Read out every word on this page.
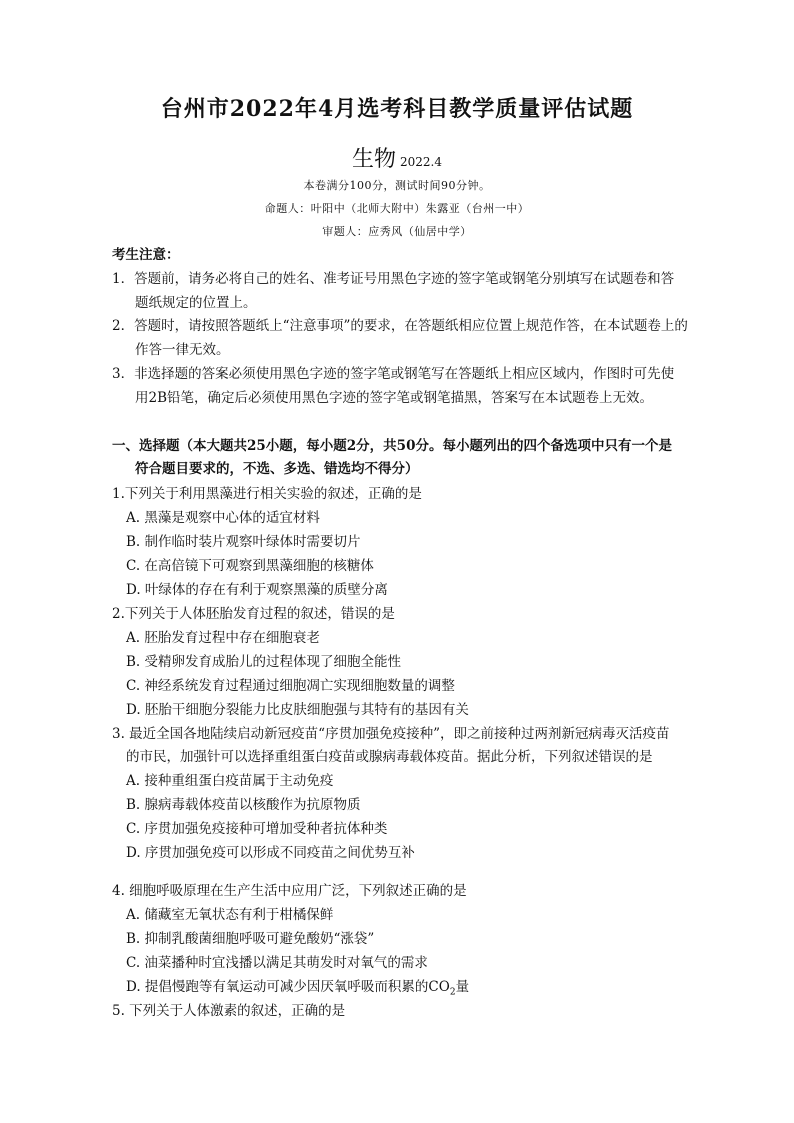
台州市2022年4月选考科目教学质量评估试题
生物 2022.4
本卷满分100分，测试时间90分钟。
命题人：叶阳中（北师大附中）朱露亚（台州一中）
审题人：应秀风（仙居中学）
考生注意：
1．答题前，请务必将自己的姓名、准考证号用黑色字迹的签字笔或钢笔分别填写在试题卷和答
题纸规定的位置上。
2．答题时，请按照答题纸上“注意事项”的要求，在答题纸相应位置上规范作答，在本试题卷上的
作答一律无效。
3．非选择题的答案必须使用黑色字迹的签字笔或钢笔写在答题纸上相应区域内，作图时可先使
用2B铅笔，确定后必须使用黑色字迹的签字笔或钢笔描黑，答案写在本试题卷上无效。
一、选择题（本大题共25小题，每小题2分，共50分。每小题列出的四个备选项中只有一个是
符合题目要求的，不选、多选、错选均不得分）
1.下列关于利用黑藻进行相关实验的叙述，正确的是
A. 黑藻是观察中心体的适宜材料
B. 制作临时装片观察叶绿体时需要切片
C. 在高倍镜下可观察到黑藻细胞的核糖体
D. 叶绿体的存在有利于观察黑藻的质壁分离
2.下列关于人体胚胎发育过程的叙述，错误的是
A. 胚胎发育过程中存在细胞衰老
B. 受精卵发育成胎儿的过程体现了细胞全能性
C. 神经系统发育过程通过细胞凋亡实现细胞数量的调整
D. 胚胎干细胞分裂能力比皮肤细胞强与其特有的基因有关
3. 最近全国各地陆续启动新冠疫苗“序贯加强免疫接种”，即之前接种过两剂新冠病毒灭活疫苗
的市民，加强针可以选择重组蛋白疫苗或腺病毒载体疫苗。据此分析，下列叙述错误的是
A. 接种重组蛋白疫苗属于主动免疫
B. 腺病毒载体疫苗以核酸作为抗原物质
C. 序贯加强免疫接种可增加受种者抗体种类
D. 序贯加强免疫可以形成不同疫苗之间优势互补
4. 细胞呼吸原理在生产生活中应用广泛，下列叙述正确的是
A. 储藏室无氧状态有利于柑橘保鲜
B. 抑制乳酸菌细胞呼吸可避免酸奶“涨袋”
C. 油菜播种时宜浅播以满足其萌发时对氧气的需求
D. 提倡慢跑等有氧运动可减少因厌氧呼吸而积累的$CO_2$量
5. 下列关于人体激素的叙述，正确的是
